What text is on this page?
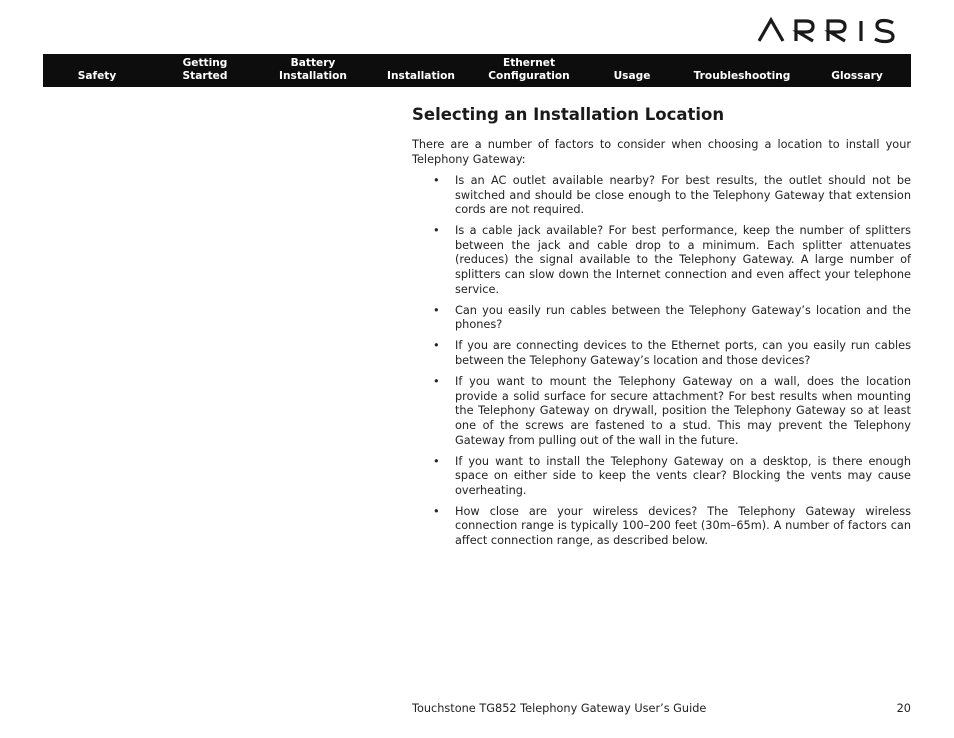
Safety
Getting
Started
Battery
Installation	Installation
Ethernet
Configuration	Usage	Troubleshooting	Glossary
Selecting an Installation Location

There are a number of factors to consider when choosing a location to install your Telephony Gateway:

• Is an AC outlet available nearby? For best results, the outlet should not be switched and should be close enough to the Telephony Gateway that extension cords are not required.
• Is a cable jack available? For best performance, keep the number of splitters between the jack and cable drop to a minimum. Each splitter attenuates (reduces) the signal available to the Telephony Gateway. A large number of splitters can slow down the Internet connection and even affect your telephone service.
• Can you easily run cables between the Telephony Gateway’s location and the phones?
• If you are connecting devices to the Ethernet ports, can you easily run cables between the Telephony Gateway’s location and those devices?
• If you want to mount the Telephony Gateway on a wall, does the location provide a solid surface for secure attachment? For best results when mounting the Telephony Gateway on drywall, position the Telephony Gateway so at least one of the screws are fastened to a stud. This may prevent the Telephony Gateway from pulling out of the wall in the future.
• If you want to install the Telephony Gateway on a desktop, is there enough space on either side to keep the vents clear? Blocking the vents may cause overheating.
• How close are your wireless devices? The Telephony Gateway wireless connection range is typically 100–200 feet (30m–65m). A number of factors can affect connection range, as described below.
Touchstone TG852 Telephony Gateway User’s Guide	20
